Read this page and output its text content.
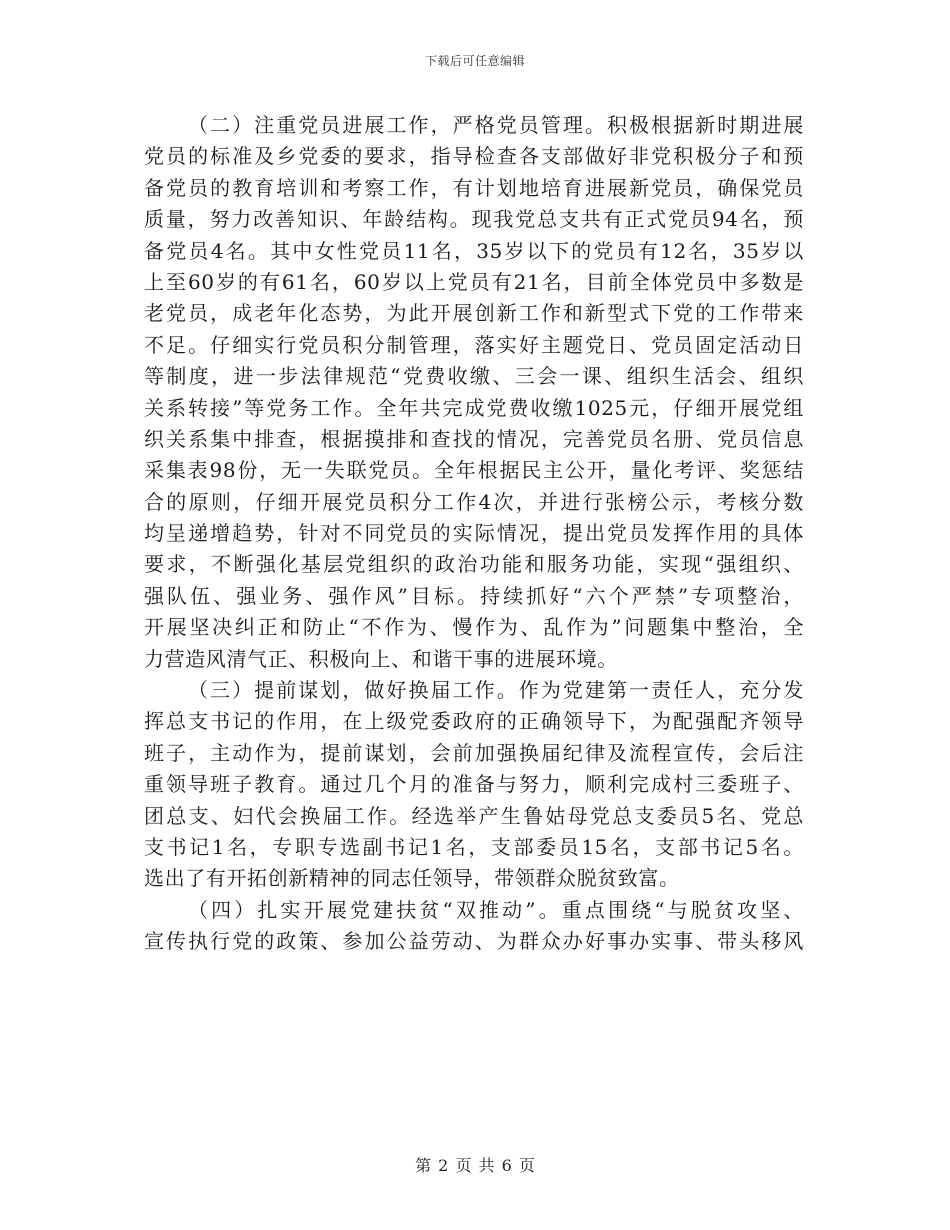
下载后可任意编辑
（二）注重党员进展工作，严格党员管理。积极根据新时期进展
党员的标准及乡党委的要求，指导检查各支部做好非党积极分子和预
备党员的教育培训和考察工作，有计划地培育进展新党员，确保党员
质量，努力改善知识、年龄结构。现我党总支共有正式党员94名，预
备党员4名。其中女性党员11名，35岁以下的党员有12名，35岁以
上至60岁的有61名，60岁以上党员有21名，目前全体党员中多数是
老党员，成老年化态势，为此开展创新工作和新型式下党的工作带来
不足。仔细实行党员积分制管理，落实好主题党日、党员固定活动日
等制度，进一步法律规范“党费收缴、三会一课、组织生活会、组织
关系转接”等党务工作。全年共完成党费收缴1025元，仔细开展党组
织关系集中排查，根据摸排和查找的情况，完善党员名册、党员信息
采集表98份，无一失联党员。全年根据民主公开，量化考评、奖惩结
合的原则，仔细开展党员积分工作4次，并进行张榜公示，考核分数
均呈递增趋势，针对不同党员的实际情况，提出党员发挥作用的具体
要求，不断强化基层党组织的政治功能和服务功能，实现“强组织、
强队伍、强业务、强作风”目标。持续抓好“六个严禁”专项整治，
开展坚决纠正和防止“不作为、慢作为、乱作为”问题集中整治，全
力营造风清气正、积极向上、和谐干事的进展环境。
（三）提前谋划，做好换届工作。作为党建第一责任人，充分发
挥总支书记的作用，在上级党委政府的正确领导下，为配强配齐领导
班子，主动作为，提前谋划，会前加强换届纪律及流程宣传，会后注
重领导班子教育。通过几个月的准备与努力，顺利完成村三委班子、
团总支、妇代会换届工作。经选举产生鲁姑母党总支委员5名、党总
支书记1名，专职专选副书记1名，支部委员15名，支部书记5名。
选出了有开拓创新精神的同志任领导，带领群众脱贫致富。
（四）扎实开展党建扶贫“双推动”。重点围绕“与脱贫攻坚、
宣传执行党的政策、参加公益劳动、为群众办好事办实事、带头移风
第 2 页 共 6 页
